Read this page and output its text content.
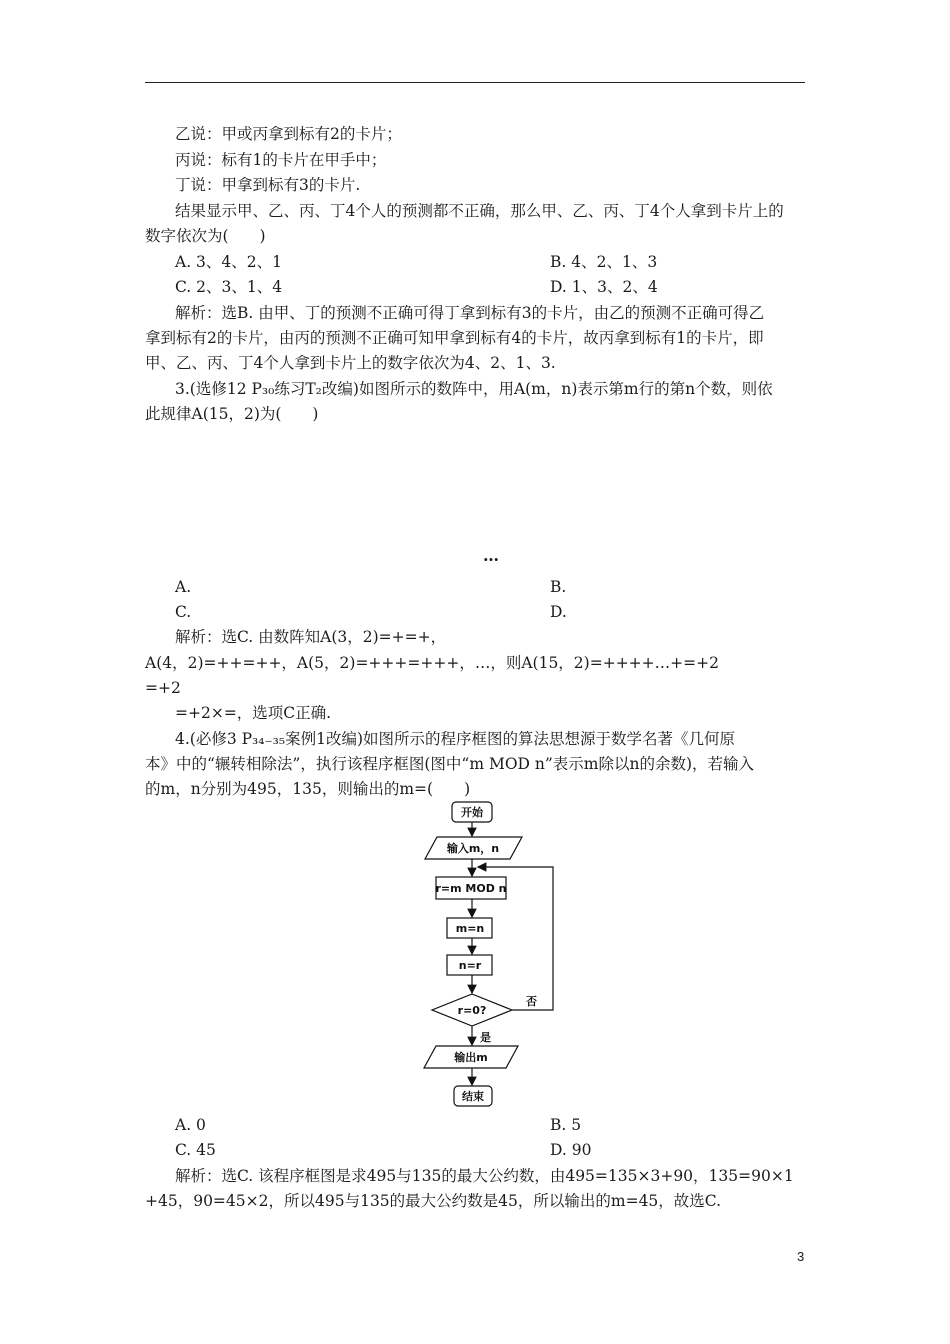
乙说：甲或丙拿到标有2的卡片；
丙说：标有1的卡片在甲手中；
丁说：甲拿到标有3的卡片.
结果显示甲、乙、丙、丁4个人的预测都不正确，那么甲、乙、丙、丁4个人拿到卡片上的
数字依次为(　　)
A. 3、4、2、1	B. 4、2、1、3
C. 2、3、1、4	D. 1、3、2、4
解析：选B. 由甲、丁的预测不正确可得丁拿到标有3的卡片，由乙的预测不正确可得乙
拿到标有2的卡片，由丙的预测不正确可知甲拿到标有4的卡片，故丙拿到标有1的卡片，即
甲、乙、丙、丁4个人拿到卡片上的数字依次为4、2、1、3.
3.(选修12 P₃₀练习T₂改编)如图所示的数阵中，用A(m，n)表示第m行的第n个数，则依
此规律A(15，2)为(　　)
…
A.	B.
C.	D.
解析：选C. 由数阵知A(3，2)=+=+，
A(4，2)=++=++，A(5，2)=+++=+++，…，则A(15，2)=++++…+=+2
=+2
=+2×=，选项C正确.
4.(必修3 P₃₄₋₃₅案例1改编)如图所示的程序框图的算法思想源于数学名著《几何原
本》中的“辗转相除法”，执行该程序框图(图中“m MOD n”表示m除以n的余数)，若输入
的m，n分别为495，135，则输出的m=(　　)
开始
输入m，n
r=m MOD n
m=n
n=r
r=0?
否
是
输出m
结束
A. 0	B. 5
C. 45	D. 90
解析：选C. 该程序框图是求495与135的最大公约数，由495=135×3+90，135=90×1
+45，90=45×2，所以495与135的最大公约数是45，所以输出的m=45，故选C.
3
